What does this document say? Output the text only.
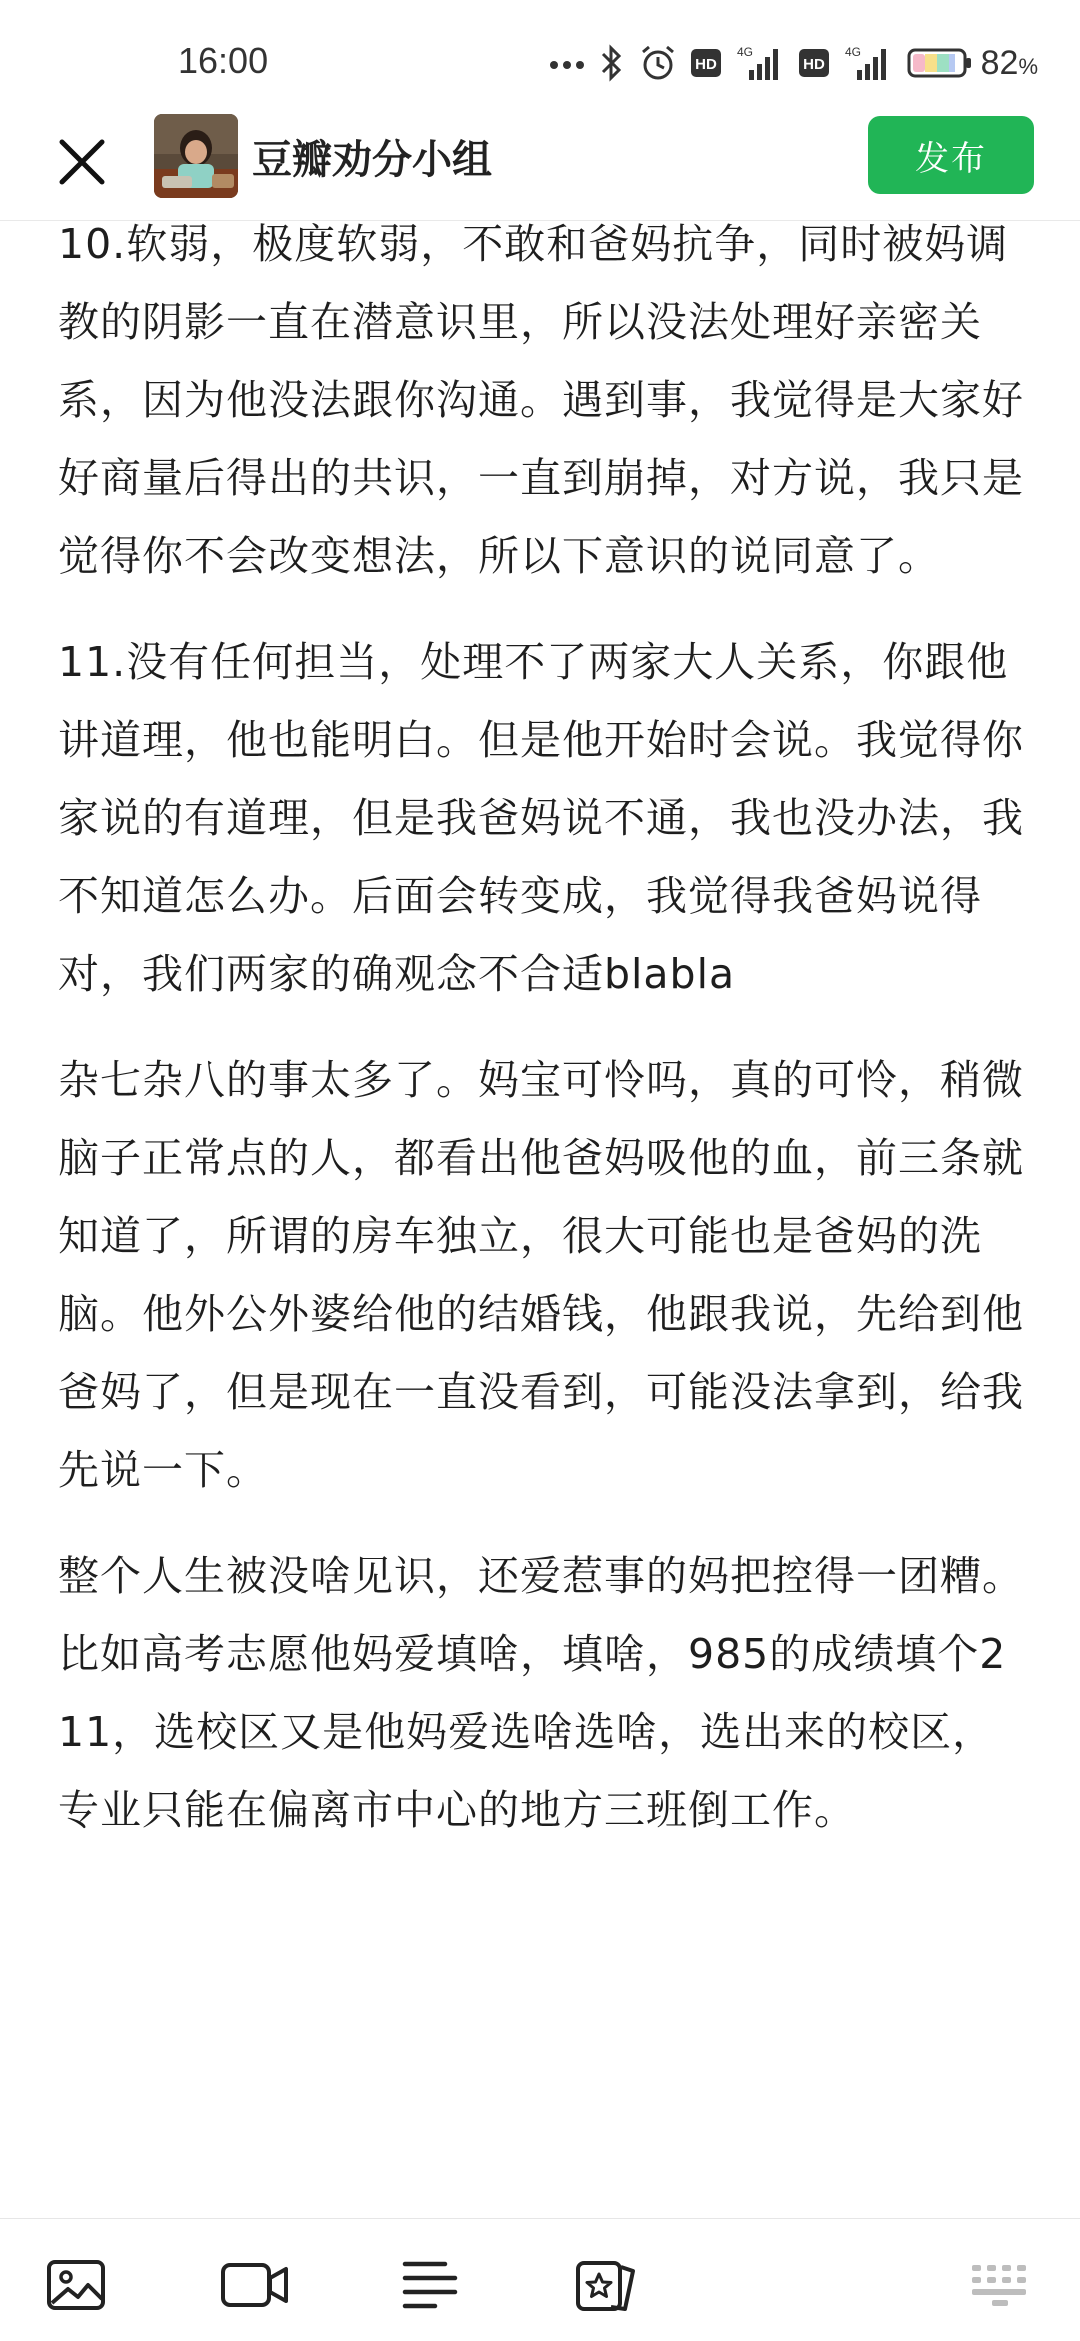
16:00	HD
4G
HD
4G	82%
豆瓣劝分小组	发布

10.软弱，极度软弱，不敢和爸妈抗争，同时被妈调教的阴影一直在潜意识里，所以没法处理好亲密关系，因为他没法跟你沟通。遇到事，我觉得是大家好好商量后得出的共识，一直到崩掉，对方说，我只是觉得你不会改变想法，所以下意识的说同意了。

11.没有任何担当，处理不了两家大人关系，你跟他讲道理，他也能明白。但是他开始时会说。我觉得你家说的有道理，但是我爸妈说不通，我也没办法，我不知道怎么办。后面会转变成，我觉得我爸妈说得对，我们两家的确观念不合适blabla

杂七杂八的事太多了。妈宝可怜吗，真的可怜，稍微脑子正常点的人，都看出他爸妈吸他的血，前三条就知道了，所谓的房车独立，很大可能也是爸妈的洗脑。他外公外婆给他的结婚钱，他跟我说，先给到他爸妈了，但是现在一直没看到，可能没法拿到，给我先说一下。

整个人生被没啥见识，还爱惹事的妈把控得一团糟。比如高考志愿他妈爱填啥，填啥，985的成绩填个211，选校区又是他妈爱选啥选啥，选出来的校区，专业只能在偏离市中心的地方三班倒工作。
